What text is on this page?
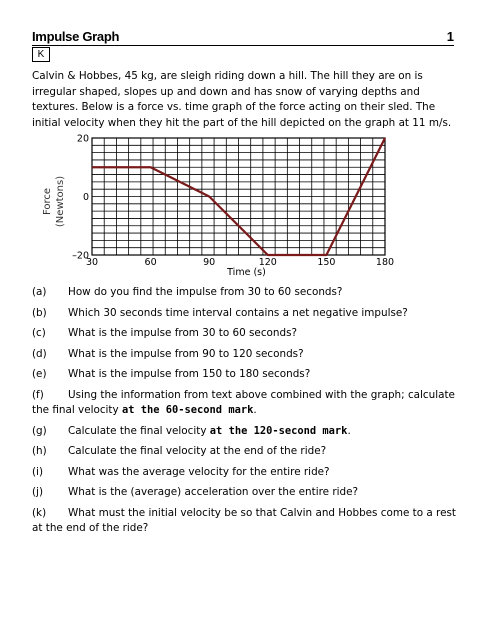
Impulse Graph	1
K

Calvin & Hobbes, 45 kg, are sleigh riding down a hill. The hill they are on is irregular shaped, slopes up and down and has snow of varying depths and textures. Below is a force vs. time graph of the force acting on their sled. The initial velocity when they hit the part of the hill depicted on the graph at 11 m/s.

20
0
–20
30	60	90	120	150	180
Time (s)
Force (Newtons)

(a) How do you find the impulse from 30 to 60 seconds?

(b) Which 30 seconds time interval contains a net negative impulse?

(c) What is the impulse from 30 to 60 seconds?

(d) What is the impulse from 90 to 120 seconds?

(e) What is the impulse from 150 to 180 seconds?

(f) Using the information from text above combined with the graph; calculate the final velocity at the 60-second mark.

(g) Calculate the final velocity at the 120-second mark.

(h) Calculate the final velocity at the end of the ride?

(i) What was the average velocity for the entire ride?

(j) What is the (average) acceleration over the entire ride?

(k) What must the initial velocity be so that Calvin and Hobbes come to a rest at the end of the ride?
